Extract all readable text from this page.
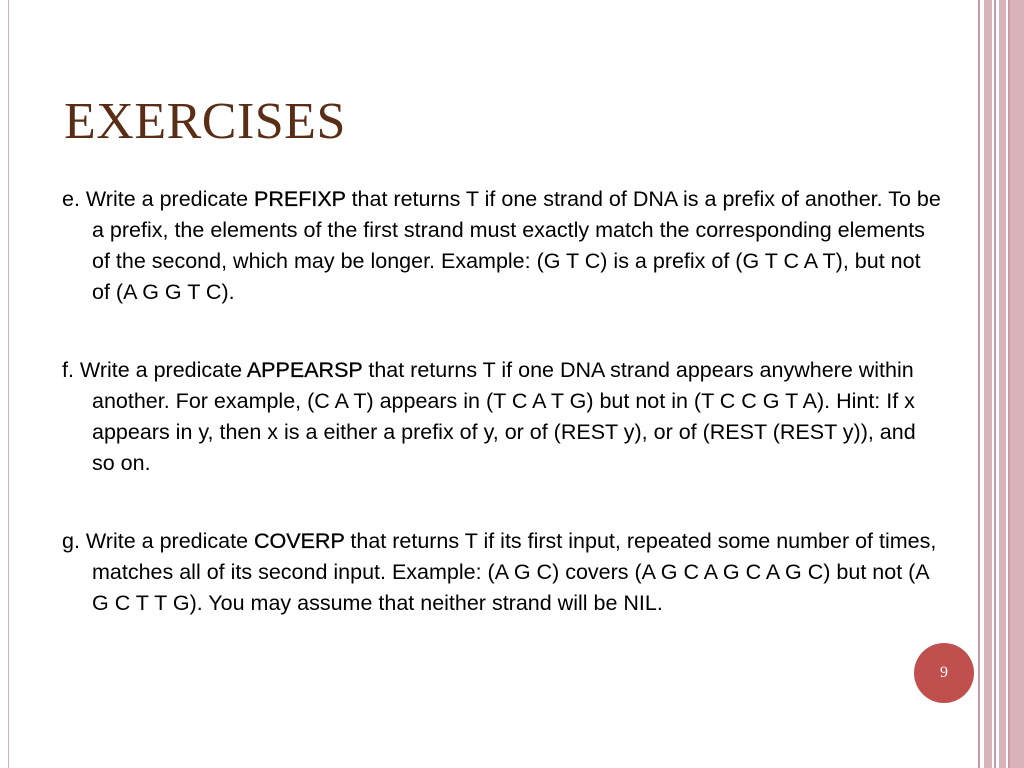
EXERCISES

e. Write a predicate PREFIXP that returns T if one strand of DNA is a prefix of another. To be a prefix, the elements of the first strand must exactly match the corresponding elements of the second, which may be longer. Example: (G T C) is a prefix of (G T C A T), but not of (A G G T C).

f. Write a predicate APPEARSP that returns T if one DNA strand appears anywhere within another. For example, (C A T) appears in (T C A T G) but not in (T C C G T A). Hint: If x appears in y, then x is a either a prefix of y, or of (REST y), or of (REST (REST y)), and so on.

g. Write a predicate COVERP that returns T if its first input, repeated some number of times, matches all of its second input. Example: (A G C) covers (A G C A G C A G C) but not (A G C T T G). You may assume that neither strand will be NIL.

9
